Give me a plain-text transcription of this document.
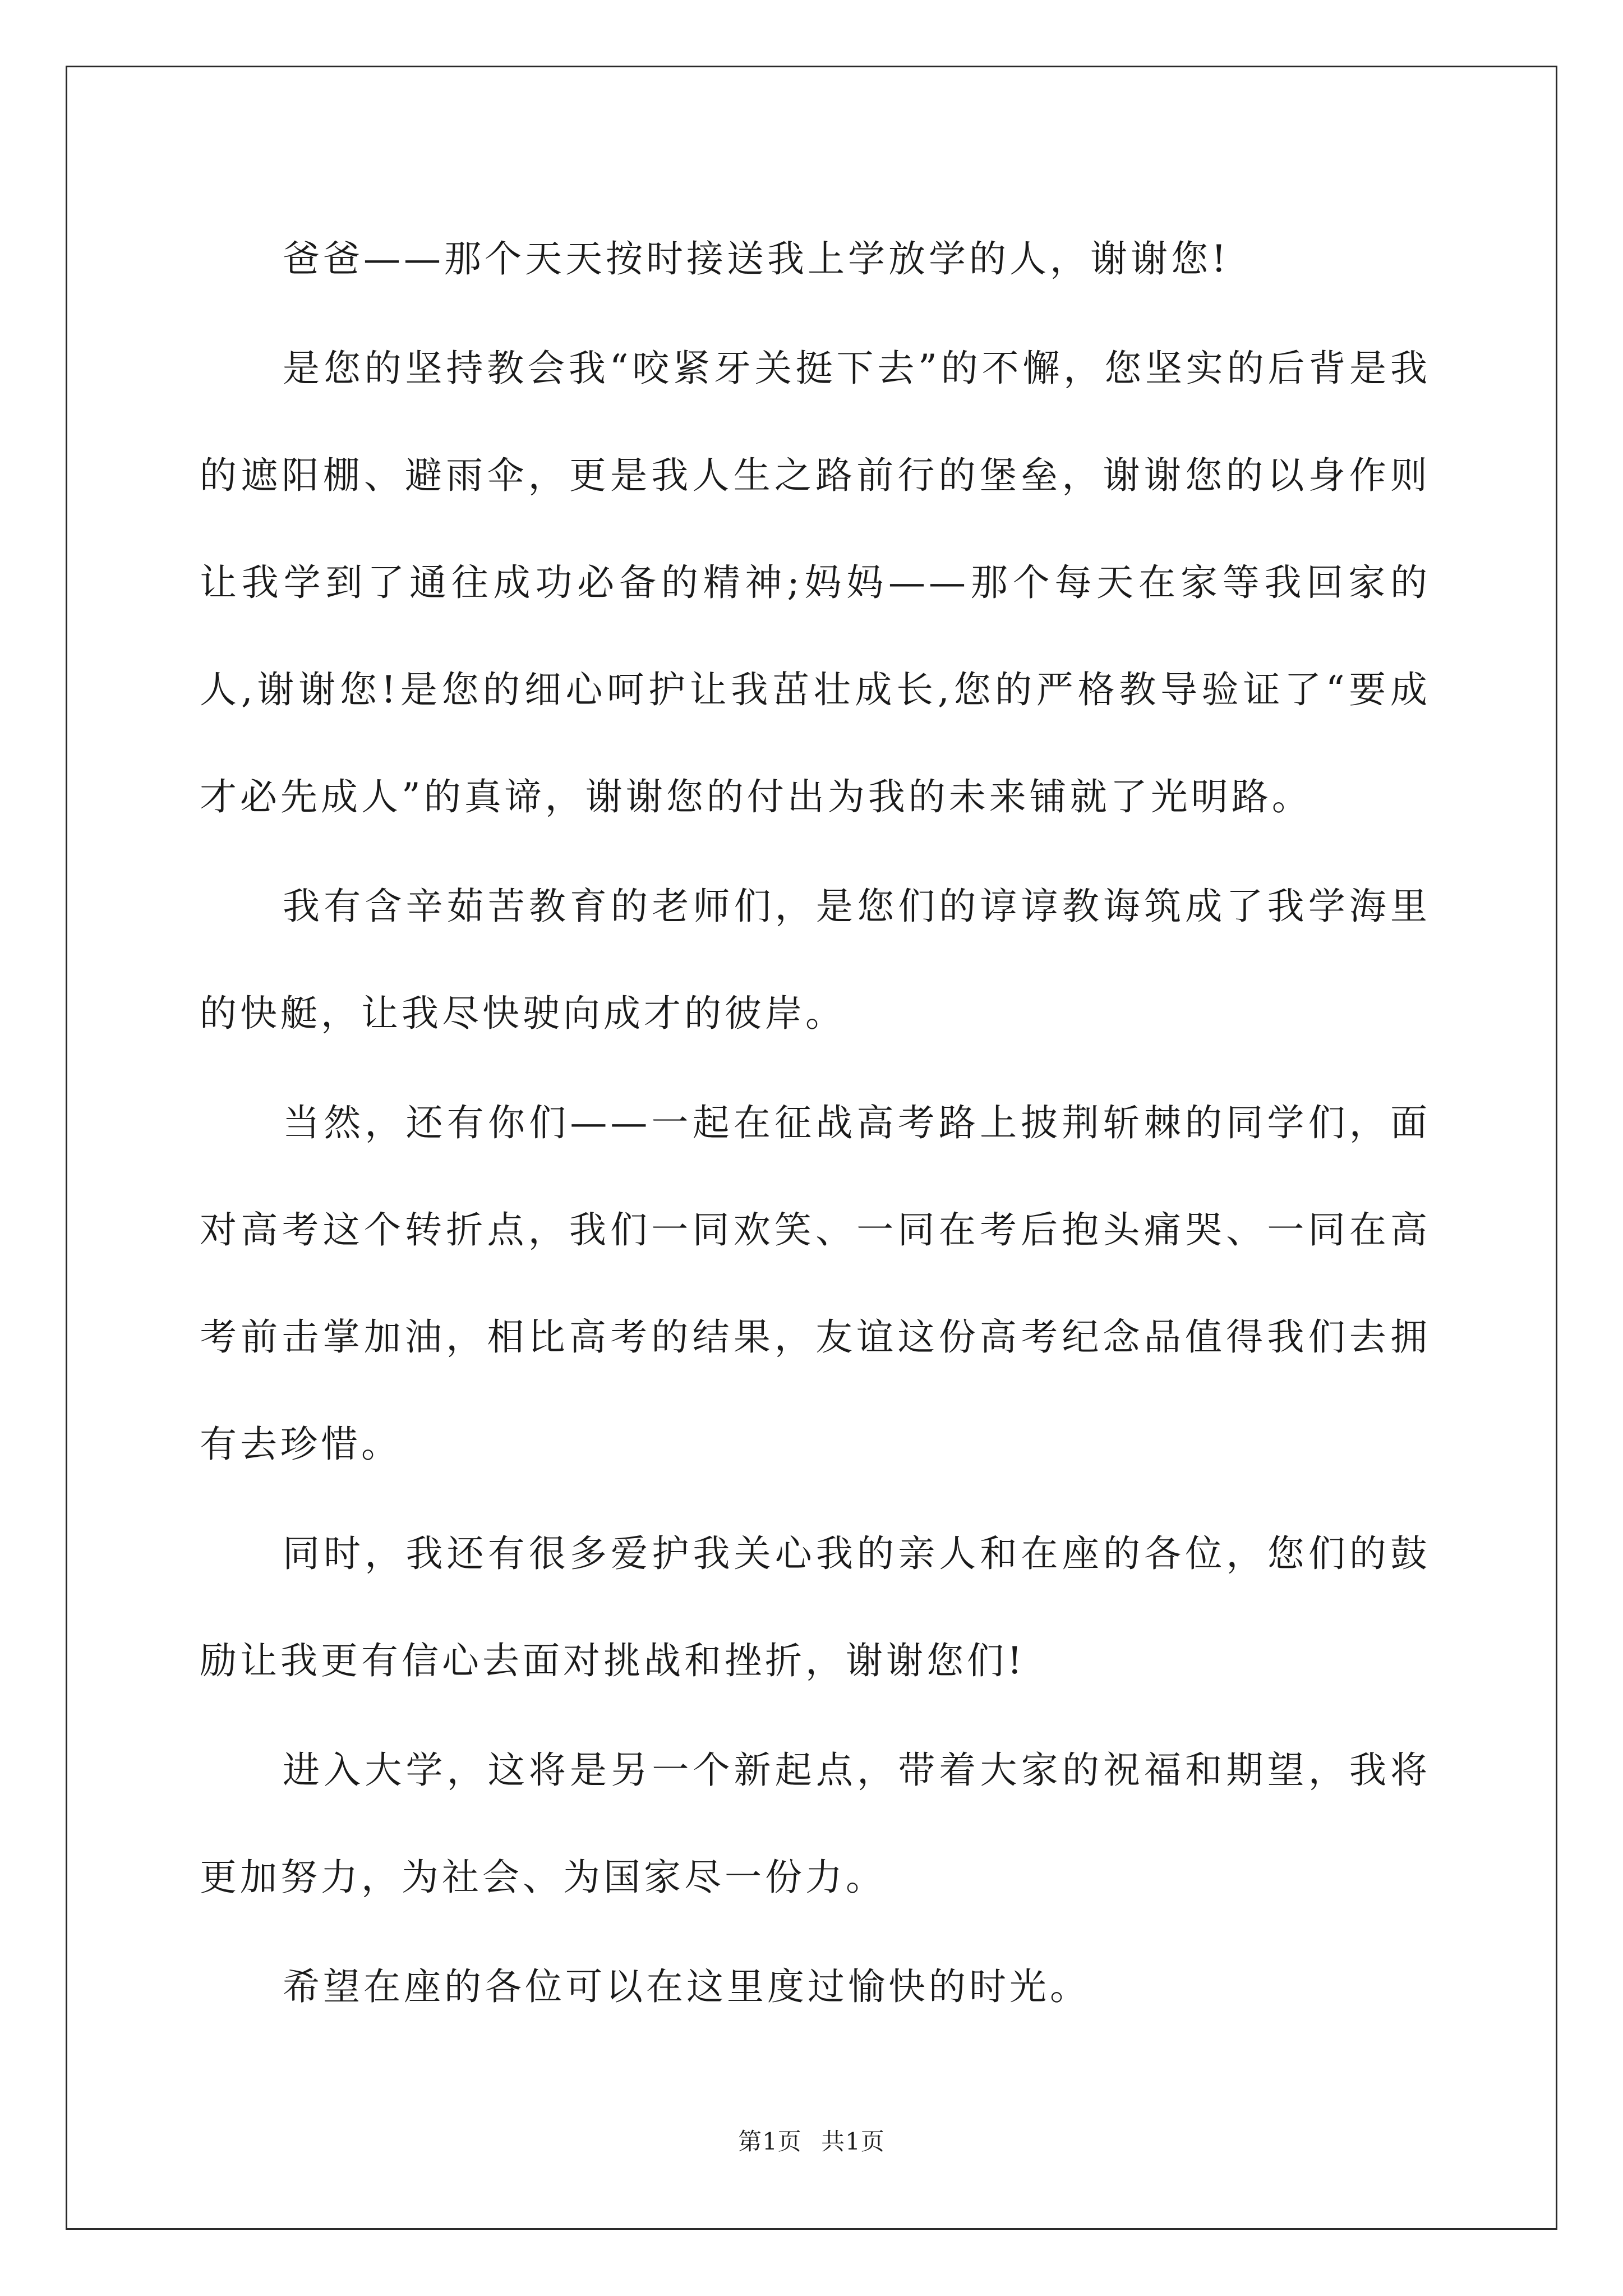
爸爸——那个天天按时接送我上学放学的人，谢谢您!

是您的坚持教会我“咬紧牙关挺下去”的不懈，您坚实的后背是我的遮阳棚、避雨伞，更是我人生之路前行的堡垒，谢谢您的以身作则让我学到了通往成功必备的精神;妈妈——那个每天在家等我回家的人,谢谢您!是您的细心呵护让我茁壮成长,您的严格教导验证了“要成才必先成人”的真谛，谢谢您的付出为我的未来铺就了光明路。

我有含辛茹苦教育的老师们，是您们的谆谆教诲筑成了我学海里的快艇，让我尽快驶向成才的彼岸。

当然，还有你们——一起在征战高考路上披荆斩棘的同学们，面对高考这个转折点，我们一同欢笑、一同在考后抱头痛哭、一同在高考前击掌加油，相比高考的结果，友谊这份高考纪念品值得我们去拥有去珍惜。

同时，我还有很多爱护我关心我的亲人和在座的各位，您们的鼓励让我更有信心去面对挑战和挫折，谢谢您们!

进入大学，这将是另一个新起点，带着大家的祝福和期望，我将更加努力，为社会、为国家尽一份力。

希望在座的各位可以在这里度过愉快的时光。

第1页 共1页
